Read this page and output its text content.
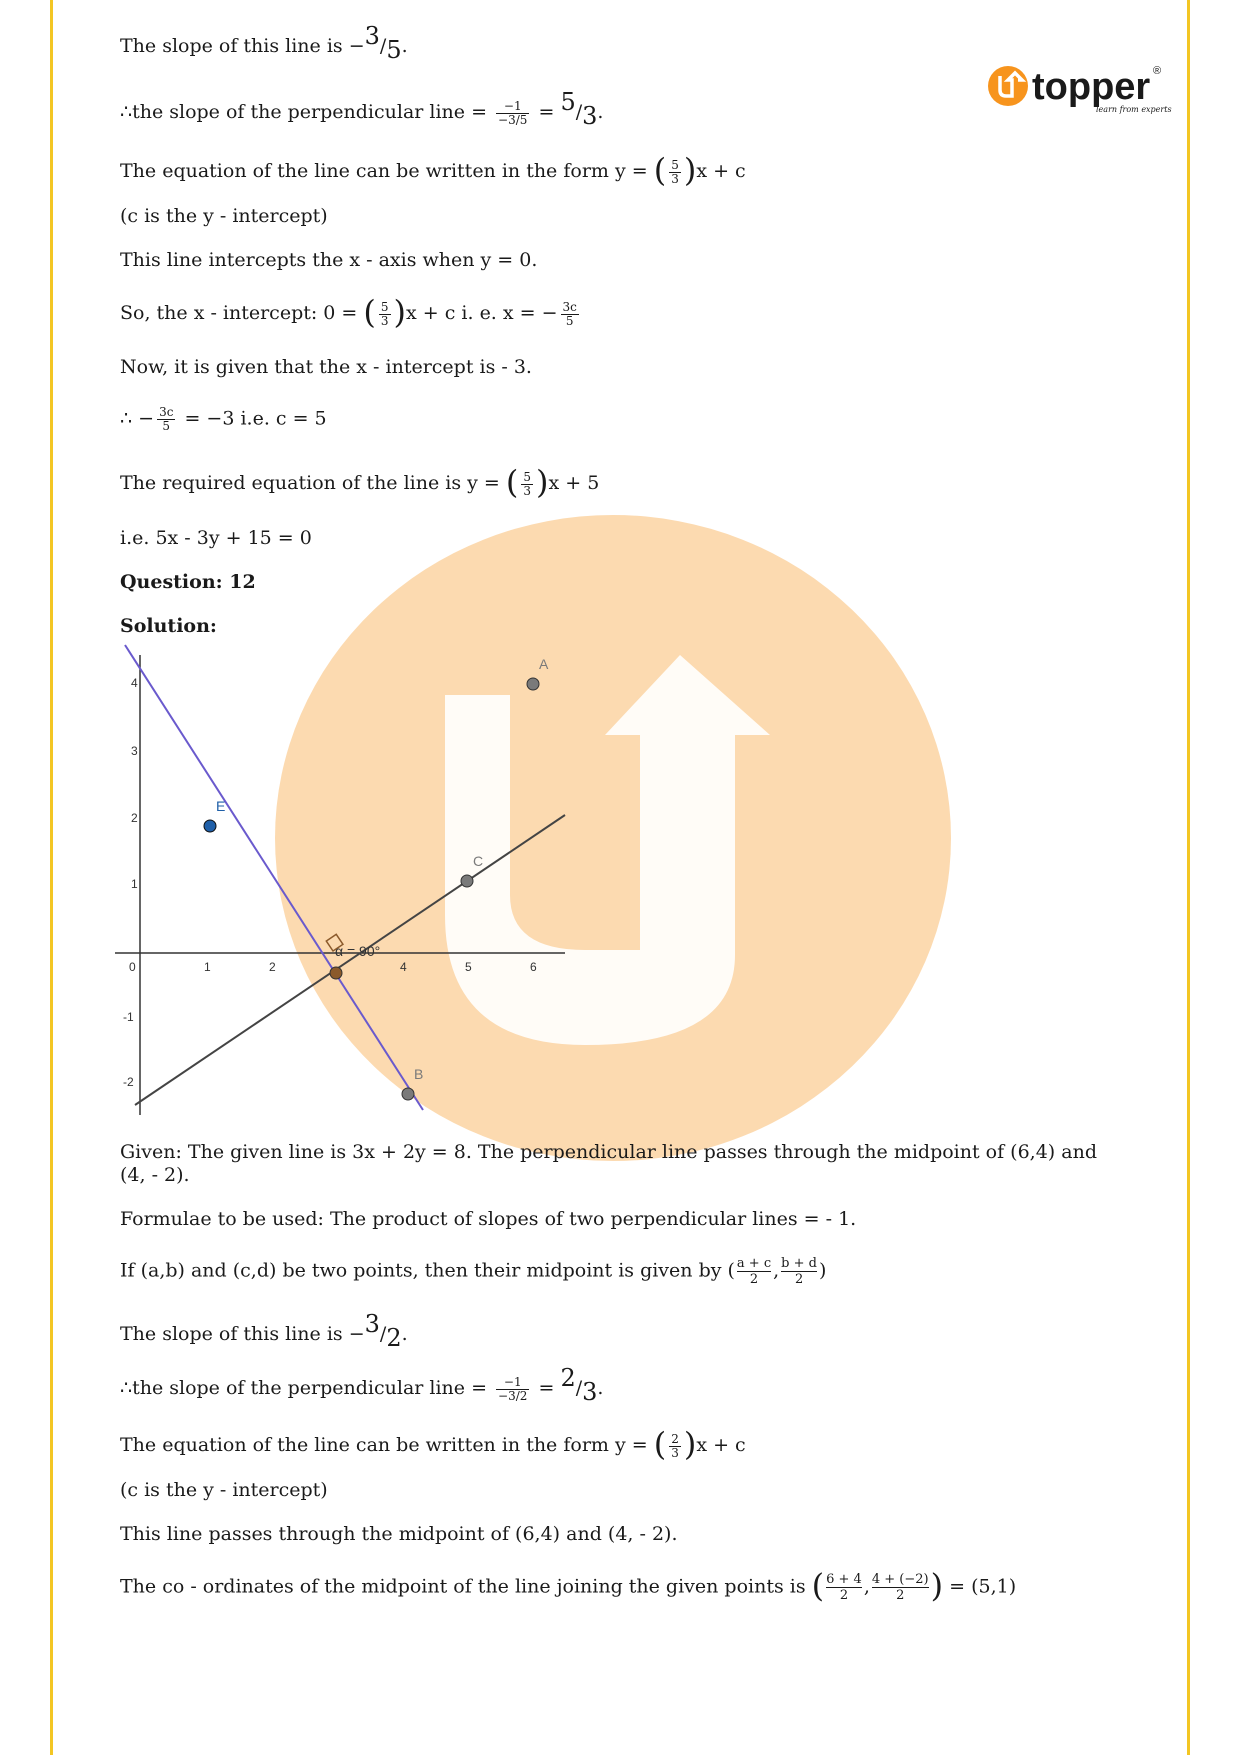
topper ®
learn from experts
The slope of this line is −3/5.
∴the slope of the perpendicular line = $\frac{-1}{-3/5} = 5/3$.
The equation of the line can be written in the form y = ( $\frac{5}{3} )x + c$
(c is the y - intercept)
This line intercepts the x - axis when y = 0.
So, the x - intercept: 0 = ( $\frac{5}{3} )x + c$ i. e. x = − $\frac{3c}{5}$
Now, it is given that the x - intercept is - 3.
∴ − $\frac{3c}{5} = -3$ i.e. c = 5
The required equation of the line is y = ( $\frac{5}{3} )x + 5$
i.e. 5x - 3y + 15 = 0
Question: 12
Solution:
0	1	2	4	5	6
4
3
2
1
-1
-2
α = 90°
E
C
A
B
Given: The given line is 3x + 2y = 8. The perpendicular line passes through the midpoint of (6,4) and (4, - 2).
Formulae to be used: The product of slopes of two perpendicular lines = - 1.
If (a,b) and (c,d) be two points, then their midpoint is given by ( $\frac{a + c}{2}$ , $\frac{b + d}{2}$ )
The slope of this line is −3/2.
∴the slope of the perpendicular line = $\frac{-1}{-3/2} = 2/3$.
The equation of the line can be written in the form y = ( $\frac{2}{3} )x + c$
(c is the y - intercept)
This line passes through the midpoint of (6,4) and (4, - 2).
The co - ordinates of the midpoint of the line joining the given points is ( $\frac{6 + 4}{2}$ , $\frac{4 + (-2)}{2}$ ) = (5,1)
